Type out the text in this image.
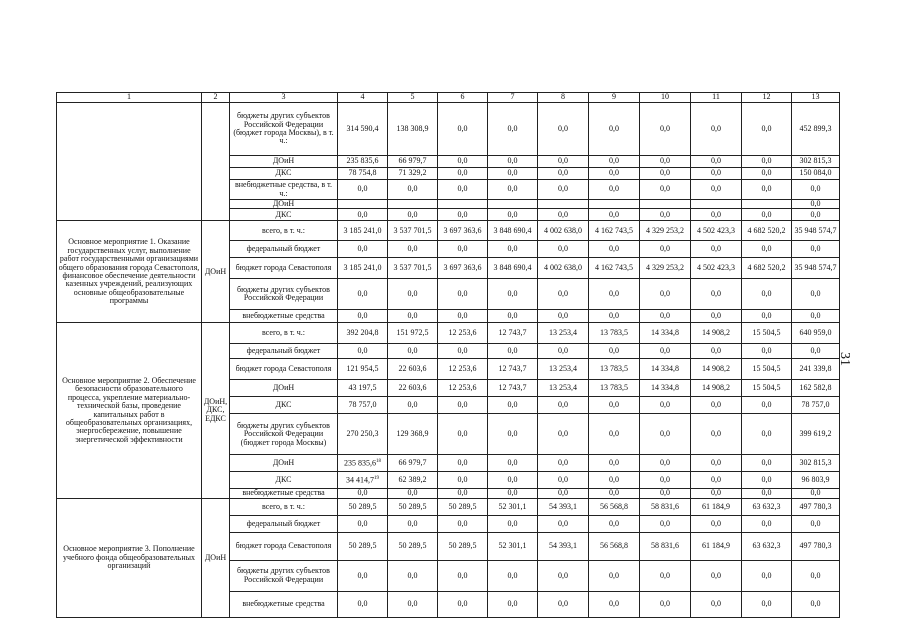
31
1	2	3	4	5	6	7	8	9	10	11	12	13
		бюджеты других субъектов Российской Федерации (бюджет города Москвы), в т. ч.:	314 590,4	138 308,9	0,0	0,0	0,0	0,0	0,0	0,0	0,0	452 899,3
		ДОиН	235 835,6	66 979,7	0,0	0,0	0,0	0,0	0,0	0,0	0,0	302 815,3
		ДКС	78 754,8	71 329,2	0,0	0,0	0,0	0,0	0,0	0,0	0,0	150 084,0
		внебюджетные средства, в т. ч.:	0,0	0,0	0,0	0,0	0,0	0,0	0,0	0,0	0,0	0,0
		ДОиН										0,0
		ДКС	0,0	0,0	0,0	0,0	0,0	0,0	0,0	0,0	0,0	0,0
Основное мероприятие 1. Оказание государственных услуг, выполнение работ государственными организациями общего образования города Севастополя, финансовое обеспечение деятельности казенных учреждений, реализующих основные общеобразовательные программы	ДОиН	всего, в т. ч.:	3 185 241,0	3 537 701,5	3 697 363,6	3 848 690,4	4 002 638,0	4 162 743,5	4 329 253,2	4 502 423,3	4 682 520,2	35 948 574,7
		федеральный бюджет	0,0	0,0	0,0	0,0	0,0	0,0	0,0	0,0	0,0	0,0
		бюджет города Севастополя	3 185 241,0	3 537 701,5	3 697 363,6	3 848 690,4	4 002 638,0	4 162 743,5	4 329 253,2	4 502 423,3	4 682 520,2	35 948 574,7
		бюджеты других субъектов Российской Федерации	0,0	0,0	0,0	0,0	0,0	0,0	0,0	0,0	0,0	0,0
		внебюджетные средства	0,0	0,0	0,0	0,0	0,0	0,0	0,0	0,0	0,0	0,0
Основное мероприятие 2. Обеспечение безопасности образовательного процесса, укрепление материально-технической базы, проведение капитальных работ в общеобразовательных организациях, энергосбережение, повышение энергетической эффективности	ДОиН, ДКС, ЕДКС	всего, в т. ч.:	392 204,8	151 972,5	12 253,6	12 743,7	13 253,4	13 783,5	14 334,8	14 908,2	15 504,5	640 959,0
		федеральный бюджет	0,0	0,0	0,0	0,0	0,0	0,0	0,0	0,0	0,0	0,0
		бюджет города Севастополя	121 954,5	22 603,6	12 253,6	12 743,7	13 253,4	13 783,5	14 334,8	14 908,2	15 504,5	241 339,8
		ДОиН	43 197,5	22 603,6	12 253,6	12 743,7	13 253,4	13 783,5	14 334,8	14 908,2	15 504,5	162 582,8
		ДКС	78 757,0	0,0	0,0	0,0	0,0	0,0	0,0	0,0	0,0	78 757,0
		бюджеты других субъектов Российской Федерации (бюджет города Москвы)	270 250,3	129 368,9	0,0	0,0	0,0	0,0	0,0	0,0	0,0	399 619,2
		ДОиН	235 835,6$^{18}$	66 979,7	0,0	0,0	0,0	0,0	0,0	0,0	0,0	302 815,3
		ДКС	34 414,7$^{19}$	62 389,2	0,0	0,0	0,0	0,0	0,0	0,0	0,0	96 803,9
		внебюджетные средства	0,0	0,0	0,0	0,0	0,0	0,0	0,0	0,0	0,0	0,0
Основное мероприятие 3. Пополнение учебного фонда общеобразовательных организаций	ДОиН	всего, в т. ч.:	50 289,5	50 289,5	50 289,5	52 301,1	54 393,1	56 568,8	58 831,6	61 184,9	63 632,3	497 780,3
		федеральный бюджет	0,0	0,0	0,0	0,0	0,0	0,0	0,0	0,0	0,0	0,0
		бюджет города Севастополя	50 289,5	50 289,5	50 289,5	52 301,1	54 393,1	56 568,8	58 831,6	61 184,9	63 632,3	497 780,3
		бюджеты других субъектов Российской Федерации	0,0	0,0	0,0	0,0	0,0	0,0	0,0	0,0	0,0	0,0
		внебюджетные средства	0,0	0,0	0,0	0,0	0,0	0,0	0,0	0,0	0,0	0,0
